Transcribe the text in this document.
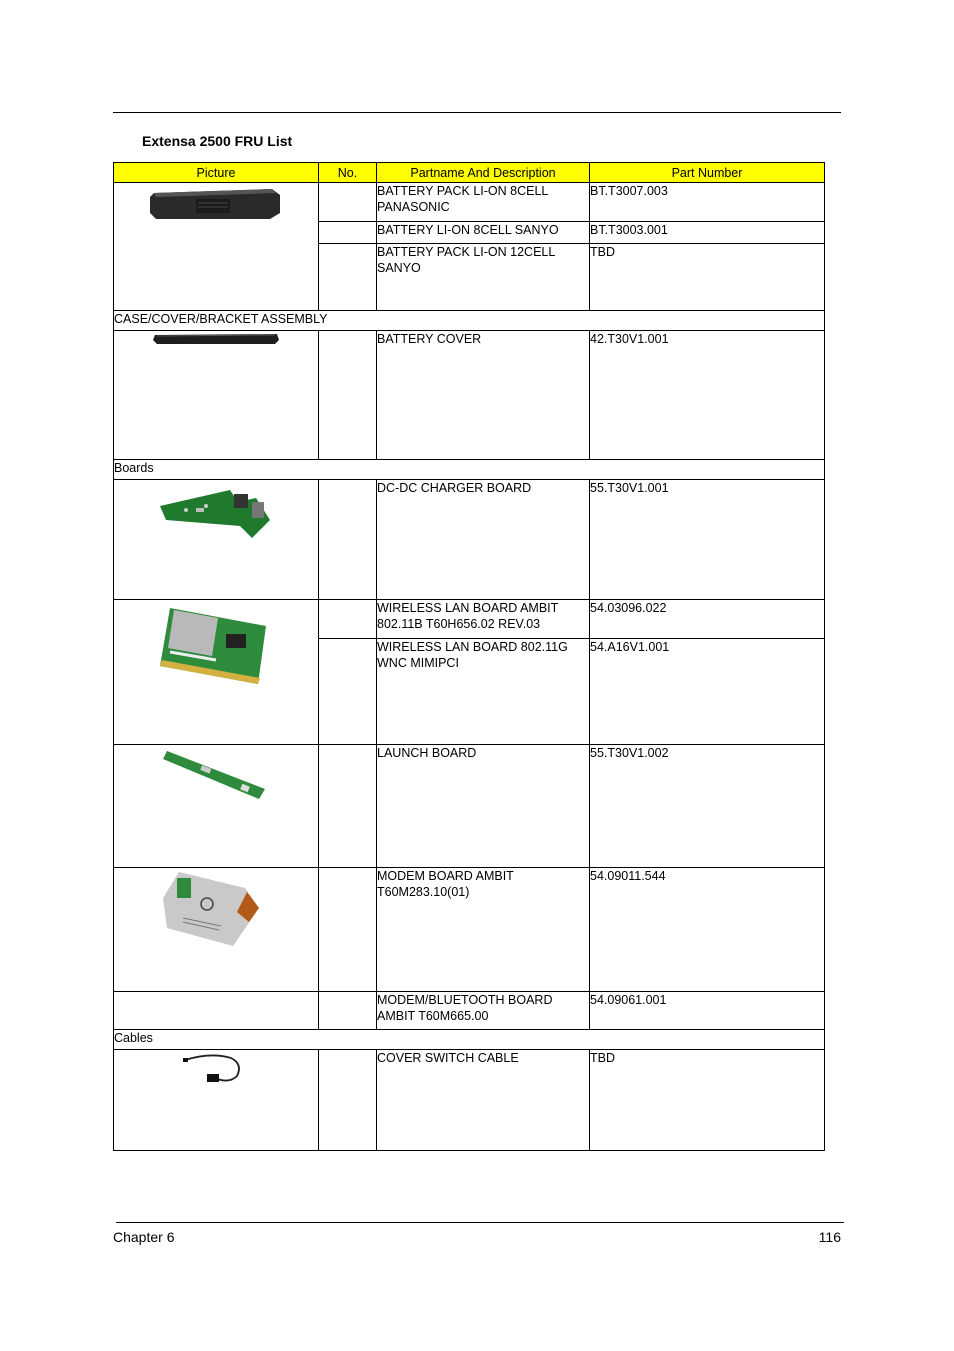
Extensa 2500 FRU List
Picture	No.	Partname And Description	Part Number

		BATTERY PACK LI-ON 8CELL PANASONIC	BT.T3007.003
		BATTERY LI-ON 8CELL SANYO	BT.T3003.001
		BATTERY PACK LI-ON 12CELL SANYO	TBD
CASE/COVER/BRACKET ASSEMBLY			

		BATTERY COVER	42.T30V1.001
Boards			

		DC-DC CHARGER BOARD	55.T30V1.001

		WIRELESS LAN BOARD AMBIT 802.11B T60H656.02 REV.03	54.03096.022
		WIRELESS LAN BOARD 802.11G WNC MIMIPCI	54.A16V1.001

		LAUNCH BOARD	55.T30V1.002

		MODEM BOARD AMBIT T60M283.10(01)	54.09011.544
		MODEM/BLUETOOTH BOARD AMBIT T60M665.00	54.09061.001
Cables			

		COVER SWITCH CABLE	TBD
Chapter 6	116
